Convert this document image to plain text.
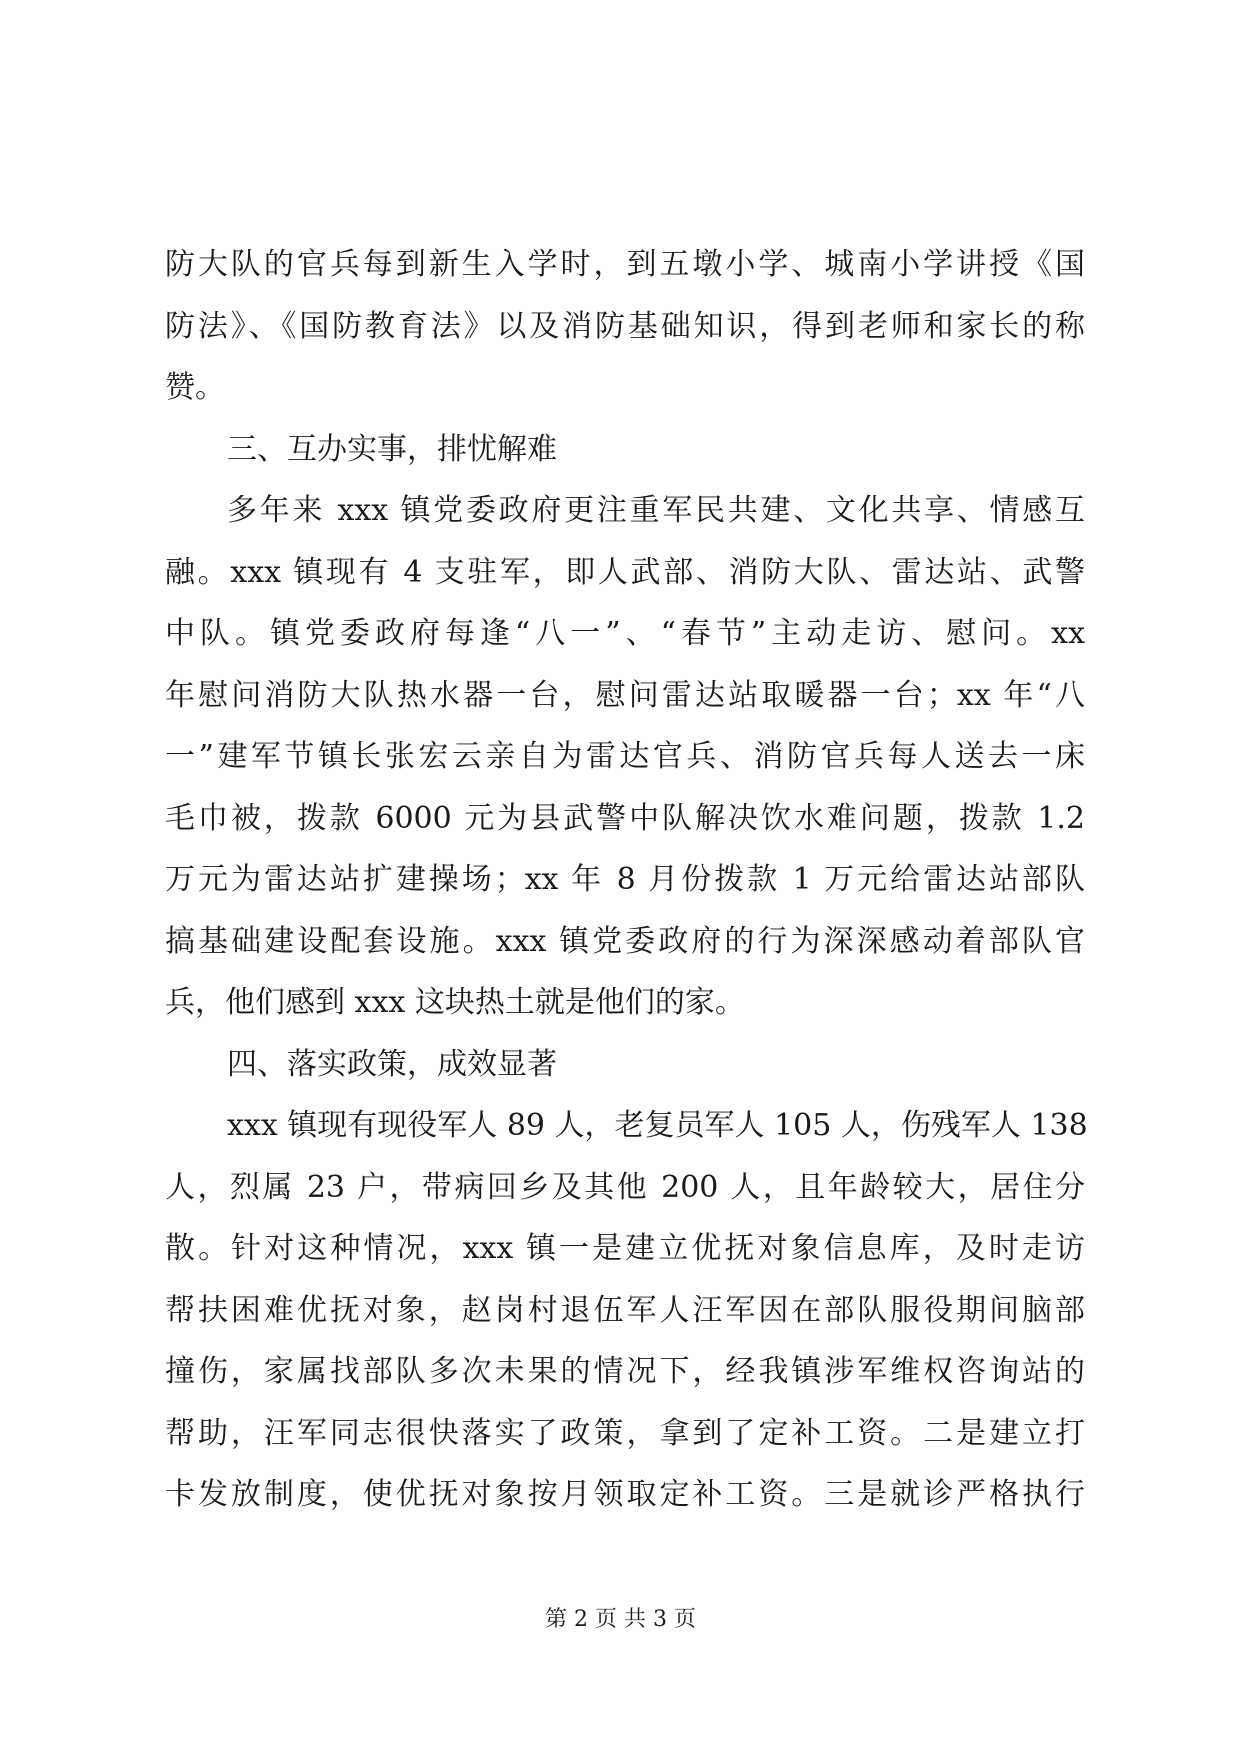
防大队的官兵每到新生入学时，到五墩小学、城南小学讲授《国
防法》、《国防教育法》以及消防基础知识，得到老师和家长的称
赞。
三、互办实事，排忧解难
多年来 xxx 镇党委政府更注重军民共建、文化共享、情感互
融。xxx 镇现有 4 支驻军，即人武部、消防大队、雷达站、武警
中队。镇党委政府每逢“八一”、“春节”主动走访、慰问。xx
年慰问消防大队热水器一台，慰问雷达站取暖器一台；xx 年“八
一”建军节镇长张宏云亲自为雷达官兵、消防官兵每人送去一床
毛巾被，拨款 6000 元为县武警中队解决饮水难问题，拨款 1.2
万元为雷达站扩建操场；xx 年 8 月份拨款 1 万元给雷达站部队
搞基础建设配套设施。xxx 镇党委政府的行为深深感动着部队官
兵，他们感到 xxx 这块热土就是他们的家。
四、落实政策，成效显著
xxx 镇现有现役军人 89 人，老复员军人 105 人，伤残军人 138
人，烈属 23 户，带病回乡及其他 200 人，且年龄较大，居住分
散。针对这种情况，xxx 镇一是建立优抚对象信息库，及时走访
帮扶困难优抚对象，赵岗村退伍军人汪军因在部队服役期间脑部
撞伤，家属找部队多次未果的情况下，经我镇涉军维权咨询站的
帮助，汪军同志很快落实了政策，拿到了定补工资。二是建立打
卡发放制度，使优抚对象按月领取定补工资。三是就诊严格执行
第 2 页 共 3 页
